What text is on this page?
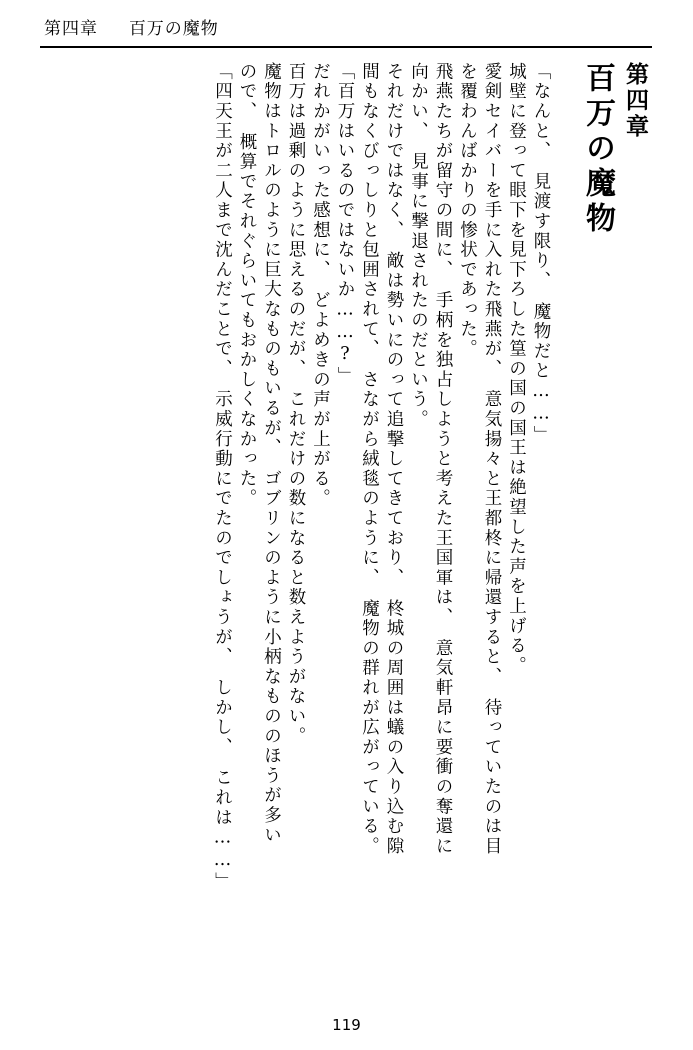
第四章 百万の魔物
第四章
百万の魔物
「なんと、　見渡す限り、　魔物だと……」
城壁に登って眼下を見下ろした篁の国の国王は絶望した声を上げる。
愛剣セイバーを手に入れた飛燕が、　意気揚々と王都柊に帰還すると、　待っていたのは目
を覆わんばかりの惨状であった。
飛燕たちが留守の間に、　手柄を独占しようと考えた王国軍は、　意気軒昂に要衝の奪還に
向かい、　見事に撃退されたのだという。
それだけではなく、　敵は勢いにのって追撃してきており、　柊城の周囲は蟻の入り込む隙
間もなくびっしりと包囲されて、　さながら絨毯のように、　魔物の群れが広がっている。
「百万はいるのではないか……?」
だれかがいった感想に、　どよめきの声が上がる。
百万は過剰のように思えるのだが、　これだけの数になると数えようがない。
魔物はトロルのように巨大なものもいるが、　ゴブリンのように小柄なもののほうが多い
ので、　概算でそれぐらいてもおかしくなかった。
「四天王が二人まで沈んだことで、　示威行動にでたのでしょうが、　しかし、　これは……」
119
